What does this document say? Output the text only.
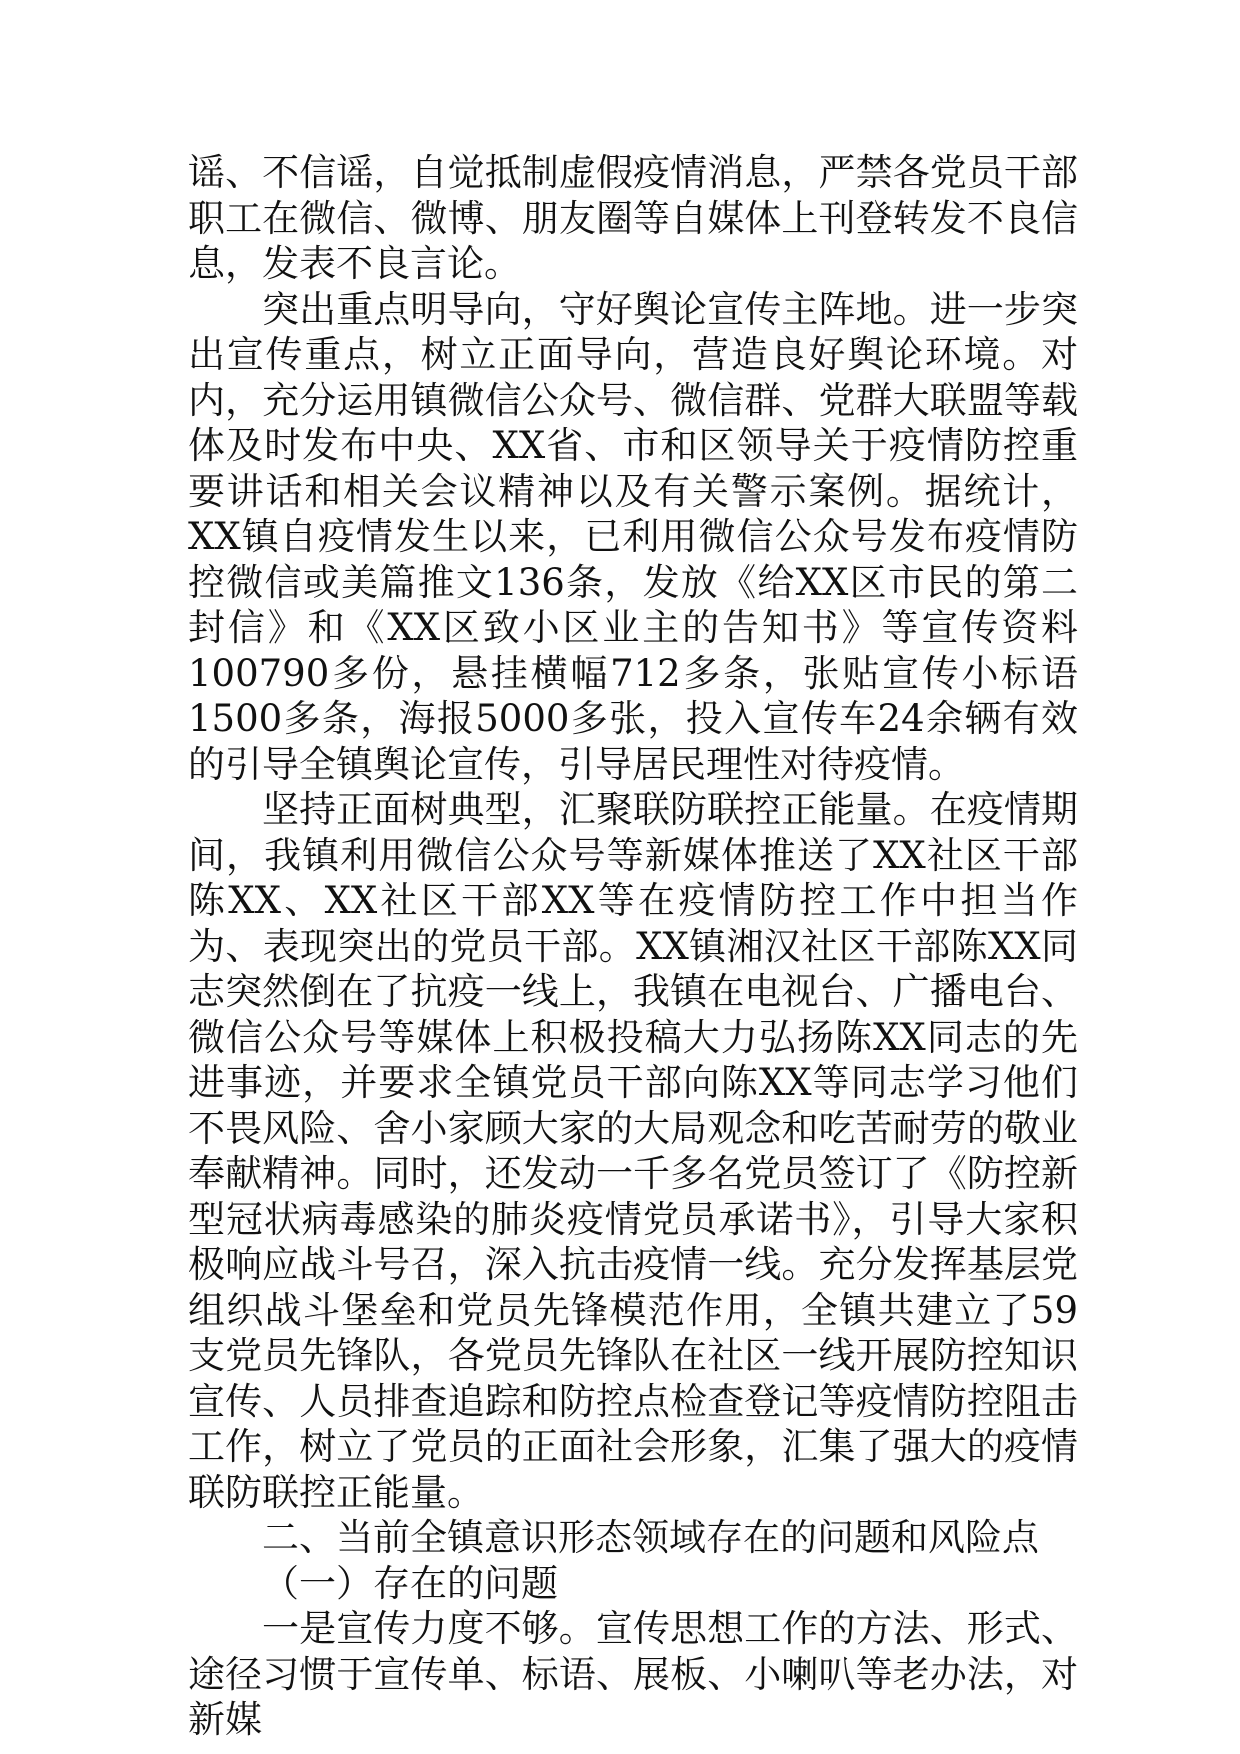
谣、不信谣，自觉抵制虚假疫情消息，严禁各党员干部职工在微信、微博、朋友圈等自媒体上刊登转发不良信息，发表不良言论。

突出重点明导向，守好舆论宣传主阵地。进一步突出宣传重点，树立正面导向，营造良好舆论环境。对内，充分运用镇微信公众号、微信群、党群大联盟等载体及时发布中央、XX省、市和区领导关于疫情防控重要讲话和相关会议精神以及有关警示案例。据统计，XX镇自疫情发生以来，已利用微信公众号发布疫情防控微信或美篇推文136条，发放《给XX区市民的第二封信》和《XX区致小区业主的告知书》等宣传资料100790多份，悬挂横幅712多条，张贴宣传小标语1500多条，海报5000多张，投入宣传车24余辆有效的引导全镇舆论宣传，引导居民理性对待疫情。

坚持正面树典型，汇聚联防联控正能量。在疫情期间，我镇利用微信公众号等新媒体推送了XX社区干部陈XX、XX社区干部XX等在疫情防控工作中担当作为、表现突出的党员干部。XX镇湘汉社区干部陈XX同志突然倒在了抗疫一线上，我镇在电视台、广播电台、微信公众号等媒体上积极投稿大力弘扬陈XX同志的先进事迹，并要求全镇党员干部向陈XX等同志学习他们不畏风险、舍小家顾大家的大局观念和吃苦耐劳的敬业奉献精神。同时，还发动一千多名党员签订了《防控新型冠状病毒感染的肺炎疫情党员承诺书》，引导大家积极响应战斗号召，深入抗击疫情一线。充分发挥基层党组织战斗堡垒和党员先锋模范作用，全镇共建立了59支党员先锋队，各党员先锋队在社区一线开展防控知识宣传、人员排查追踪和防控点检查登记等疫情防控阻击工作，树立了党员的正面社会形象，汇集了强大的疫情联防联控正能量。

二、当前全镇意识形态领域存在的问题和风险点

（一）存在的问题

一是宣传力度不够。宣传思想工作的方法、形式、途径习惯于宣传单、标语、展板、小喇叭等老办法，对新媒
